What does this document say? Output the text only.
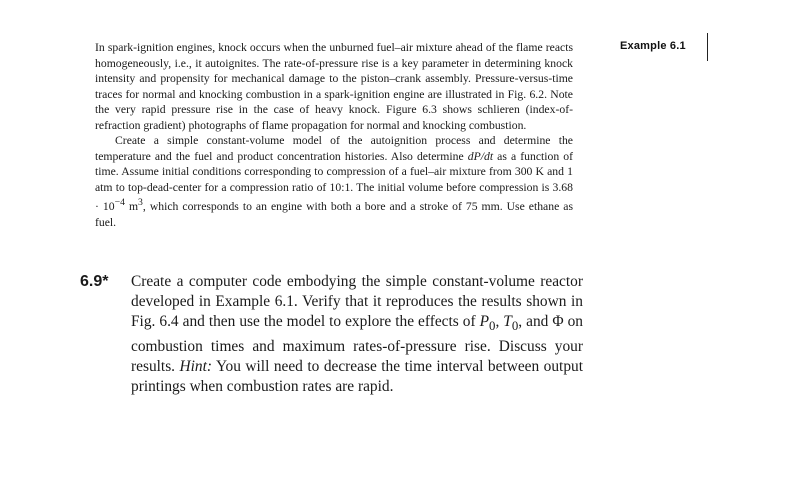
Example 6.1

In spark-ignition engines, knock occurs when the unburned fuel–air mixture ahead of the flame reacts homogeneously, i.e., it autoignites. The rate-of-pressure rise is a key parameter in determining knock intensity and propensity for mechanical damage to the piston–crank assembly. Pressure-versus-time traces for normal and knocking combustion in a spark-ignition engine are illustrated in Fig. 6.2. Note the very rapid pressure rise in the case of heavy knock. Figure 6.3 shows schlieren (index-of-refraction gradient) photographs of flame propagation for normal and knocking combustion.

Create a simple constant-volume model of the autoignition process and determine the temperature and the fuel and product concentration histories. Also determine dP/dt as a function of time. Assume initial conditions corresponding to compression of a fuel–air mixture from 300 K and 1 atm to top-dead-center for a compression ratio of 10:1. The initial volume before compression is $3.68 \cdot 10^{-4}$ $m^3$, which corresponds to an engine with both a bore and a stroke of 75 mm. Use ethane as fuel.

6.9* Create a computer code embodying the simple constant-volume reactor developed in Example 6.1. Verify that it reproduces the results shown in Fig. 6.4 and then use the model to explore the effects of $P_0$, $T_0$, and Φ on combustion times and maximum rates-of-pressure rise. Discuss your results. Hint: You will need to decrease the time interval between output printings when combustion rates are rapid.
